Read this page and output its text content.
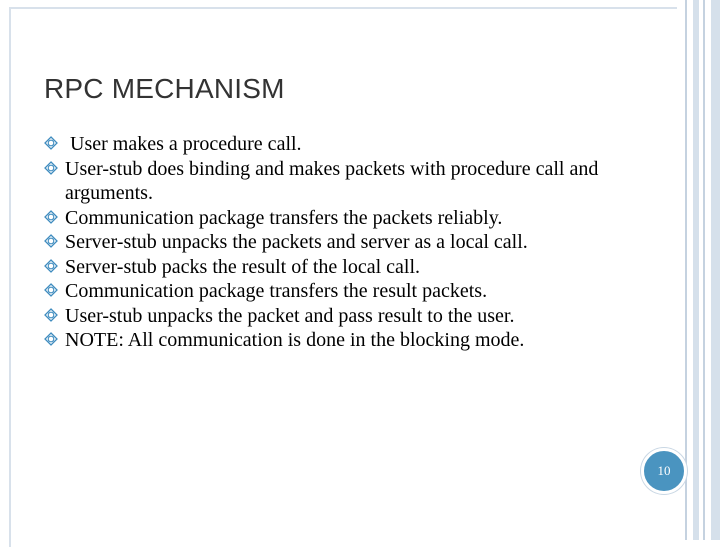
RPC MECHANISM
User makes a procedure call.
User-stub does binding and makes packets with procedure call and arguments.
Communication package transfers the packets reliably.
Server-stub unpacks the packets and server as a local call.
Server-stub packs the result of the local call.
Communication package transfers the result packets.
User-stub unpacks the packet and pass result to the user.
NOTE: All communication is done in the blocking mode.
10
